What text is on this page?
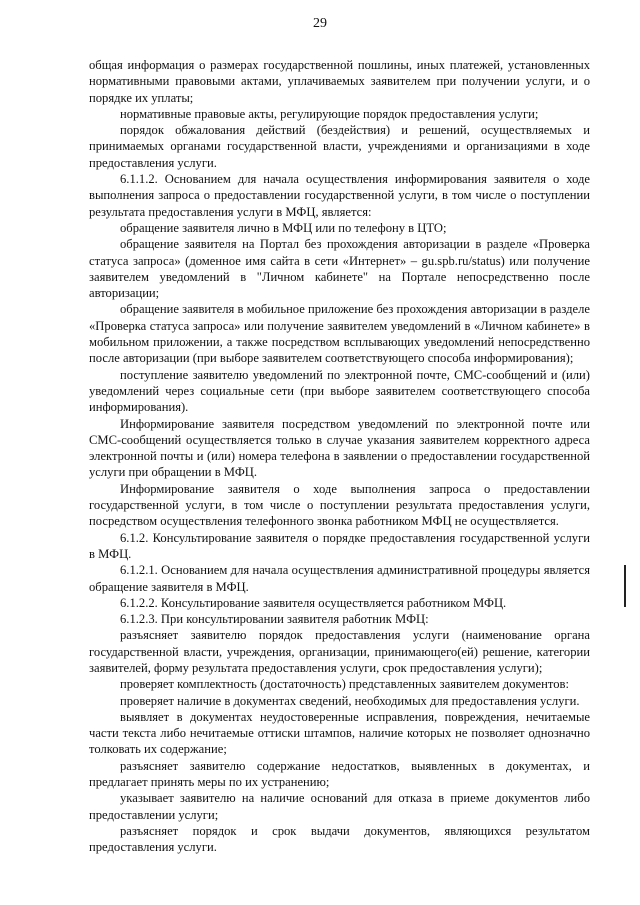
29

общая информация о размерах государственной пошлины, иных платежей, установленных нормативными правовыми актами, уплачиваемых заявителем при получении услуги, и о порядке их уплаты;

нормативные правовые акты, регулирующие порядок предоставления услуги;

порядок обжалования действий (бездействия) и решений, осуществляемых и принимаемых органами государственной власти, учреждениями и организациями в ходе предоставления услуги.

6.1.1.2. Основанием для начала осуществления информирования заявителя о ходе выполнения запроса о предоставлении государственной услуги, в том числе о поступлении результата предоставления услуги в МФЦ, является:

обращение заявителя лично в МФЦ или по телефону в ЦТО;

обращение заявителя на Портал без прохождения авторизации в разделе «Проверка статуса запроса» (доменное имя сайта в сети «Интернет» – gu.spb.ru/status) или получение заявителем уведомлений в "Личном кабинете" на Портале непосредственно после авторизации;

обращение заявителя в мобильное приложение без прохождения авторизации в разделе «Проверка статуса запроса» или получение заявителем уведомлений в «Личном кабинете» в мобильном приложении, а также посредством всплывающих уведомлений непосредственно после авторизации (при выборе заявителем соответствующего способа информирования);

поступление заявителю уведомлений по электронной почте, СМС-сообщений и (или) уведомлений через социальные сети (при выборе заявителем соответствующего способа информирования).

Информирование заявителя посредством уведомлений по электронной почте или СМС-сообщений осуществляется только в случае указания заявителем корректного адреса электронной почты и (или) номера телефона в заявлении о предоставлении государственной услуги при обращении в МФЦ.

Информирование заявителя о ходе выполнения запроса о предоставлении государственной услуги, в том числе о поступлении результата предоставления услуги, посредством осуществления телефонного звонка работником МФЦ не осуществляется.

6.1.2. Консультирование заявителя о порядке предоставления государственной услуги в МФЦ.

6.1.2.1. Основанием для начала осуществления административной процедуры является обращение заявителя в МФЦ.

6.1.2.2. Консультирование заявителя осуществляется работником МФЦ.

6.1.2.3. При консультировании заявителя работник МФЦ:

разъясняет заявителю порядок предоставления услуги (наименование органа государственной власти, учреждения, организации, принимающего(ей) решение, категории заявителей, форму результата предоставления услуги, срок предоставления услуги);

проверяет комплектность (достаточность) представленных заявителем документов:

проверяет наличие в документах сведений, необходимых для предоставления услуги.

выявляет в документах неудостоверенные исправления, повреждения, нечитаемые части текста либо нечитаемые оттиски штампов, наличие которых не позволяет однозначно толковать их содержание;

разъясняет заявителю содержание недостатков, выявленных в документах, и предлагает принять меры по их устранению;

указывает заявителю на наличие оснований для отказа в приеме документов либо предоставлении услуги;

разъясняет порядок и срок выдачи документов, являющихся результатом предоставления услуги.
